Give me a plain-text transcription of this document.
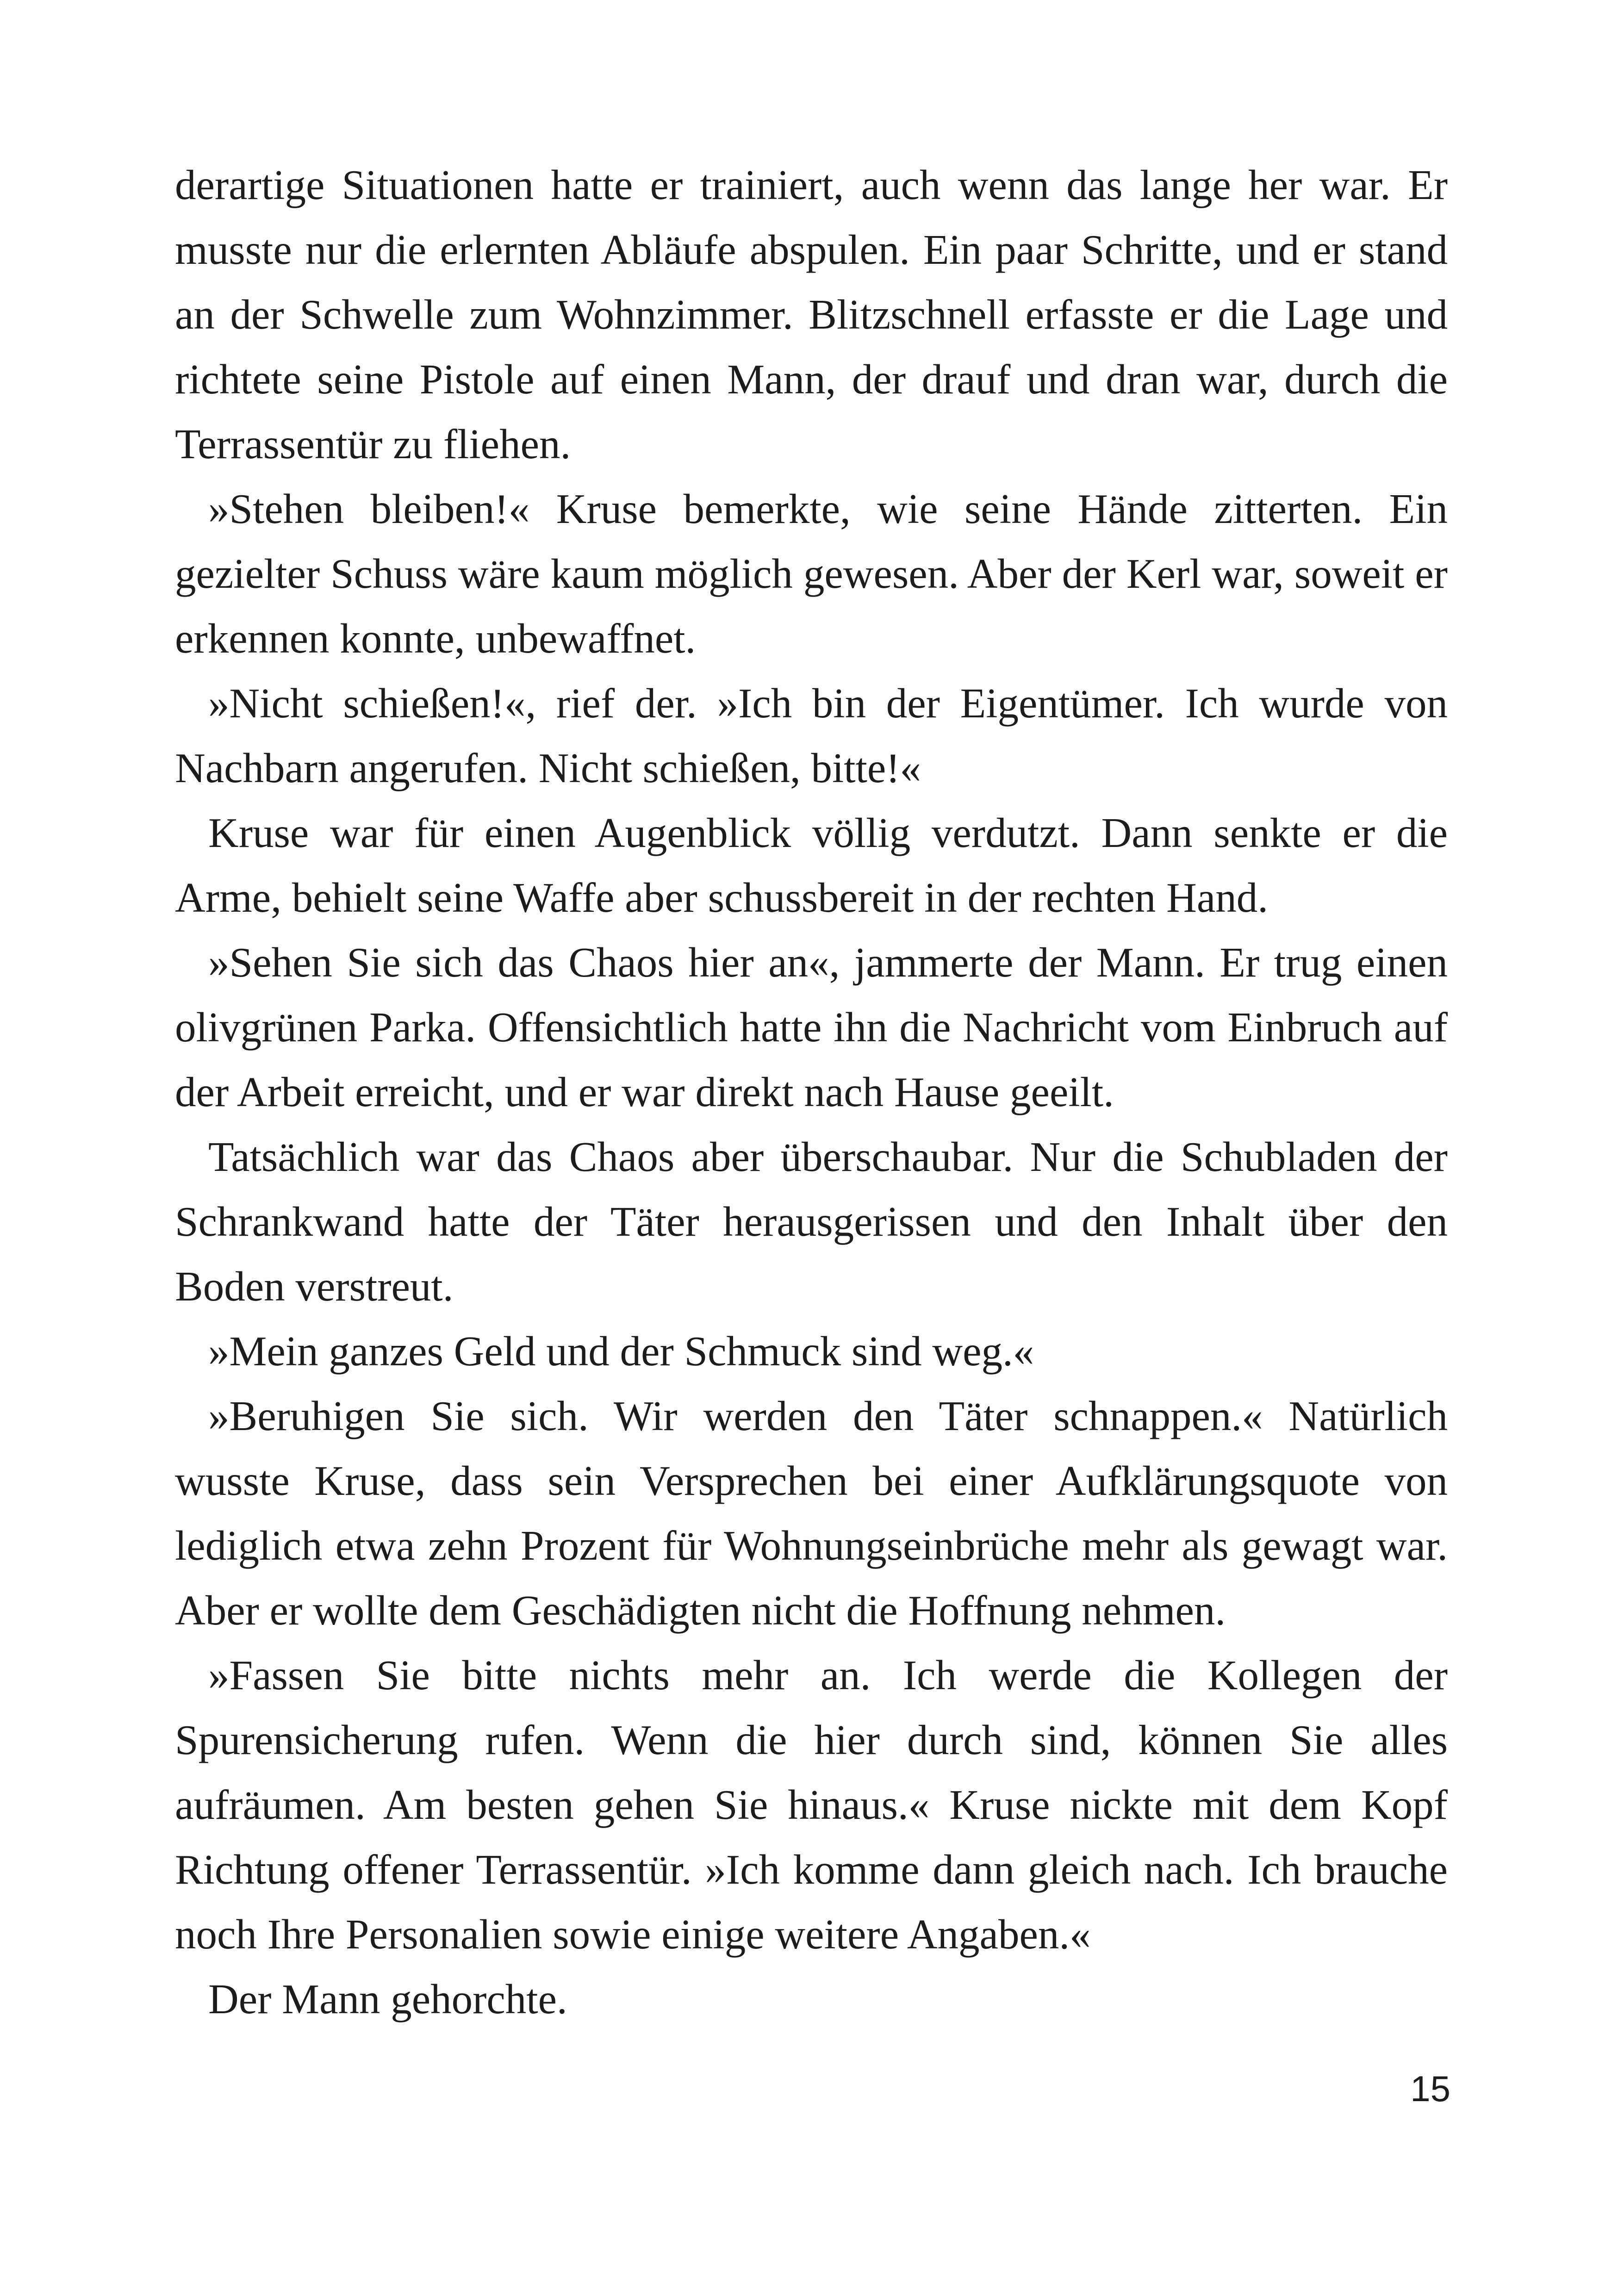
derartige Situationen hatte er trainiert, auch wenn das lange her war. Er musste nur die erlernten Abläufe abspulen. Ein paar Schritte, und er stand an der Schwelle zum Wohnzimmer. Blitzschnell erfasste er die Lage und richtete seine Pistole auf einen Mann, der drauf und dran war, durch die Terrassentür zu fliehen.

»Stehen bleiben!« Kruse bemerkte, wie seine Hände zitterten. Ein gezielter Schuss wäre kaum möglich gewesen. Aber der Kerl war, soweit er erkennen konnte, unbewaffnet.

»Nicht schießen!«, rief der. »Ich bin der Eigentümer. Ich wurde von Nachbarn angerufen. Nicht schießen, bitte!«

Kruse war für einen Augenblick völlig verdutzt. Dann senkte er die Arme, behielt seine Waffe aber schussbereit in der rechten Hand.

»Sehen Sie sich das Chaos hier an«, jammerte der Mann. Er trug einen olivgrünen Parka. Offensichtlich hatte ihn die Nachricht vom Einbruch auf der Arbeit erreicht, und er war direkt nach Hause geeilt.

Tatsächlich war das Chaos aber überschaubar. Nur die Schubladen der Schrankwand hatte der Täter herausgerissen und den Inhalt über den Boden verstreut.

»Mein ganzes Geld und der Schmuck sind weg.«

»Beruhigen Sie sich. Wir werden den Täter schnappen.« Natürlich wusste Kruse, dass sein Versprechen bei einer Aufklärungsquote von lediglich etwa zehn Prozent für Wohnungseinbrüche mehr als gewagt war. Aber er wollte dem Geschädigten nicht die Hoffnung nehmen.

»Fassen Sie bitte nichts mehr an. Ich werde die Kollegen der Spurensicherung rufen. Wenn die hier durch sind, können Sie alles aufräumen. Am besten gehen Sie hinaus.« Kruse nickte mit dem Kopf Richtung offener Terrassentür. »Ich komme dann gleich nach. Ich brauche noch Ihre Personalien sowie einige weitere Angaben.«

Der Mann gehorchte.

15
